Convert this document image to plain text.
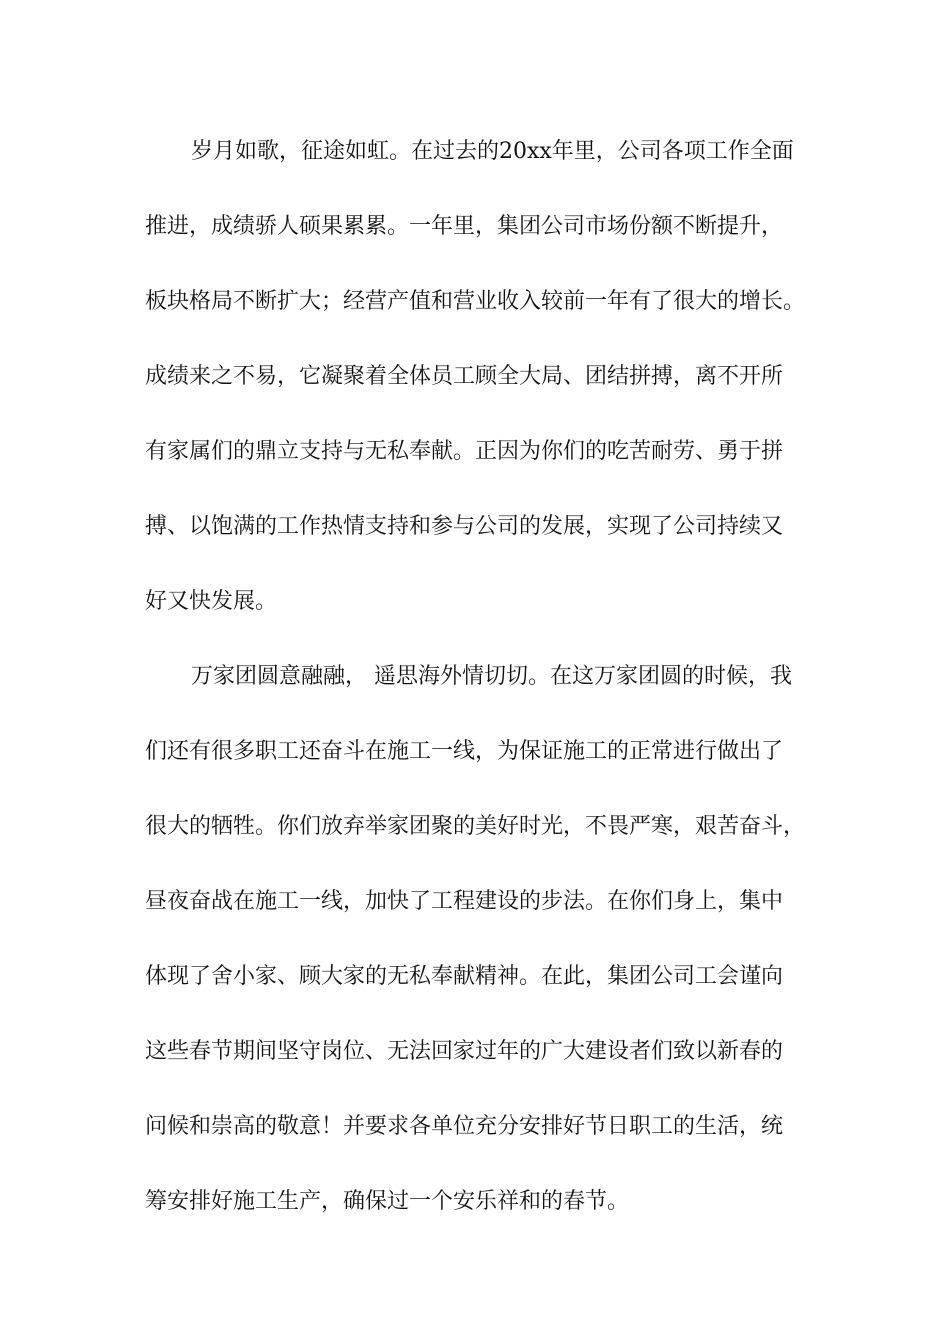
岁月如歌，征途如虹。在过去的20xx年里，公司各项工作全面
推进，成绩骄人硕果累累。一年里，集团公司市场份额不断提升，
板块格局不断扩大；经营产值和营业收入较前一年有了很大的增长。
成绩来之不易，它凝聚着全体员工顾全大局、团结拼搏，离不开所
有家属们的鼎立支持与无私奉献。正因为你们的吃苦耐劳、勇于拼
搏、以饱满的工作热情支持和参与公司的发展，实现了公司持续又
好又快发展。
万家团圆意融融， 遥思海外情切切。在这万家团圆的时候，我
们还有很多职工还奋斗在施工一线，为保证施工的正常进行做出了
很大的牺牲。你们放弃举家团聚的美好时光，不畏严寒，艰苦奋斗，
昼夜奋战在施工一线，加快了工程建设的步法。在你们身上，集中
体现了舍小家、顾大家的无私奉献精神。在此，集团公司工会谨向
这些春节期间坚守岗位、无法回家过年的广大建设者们致以新春的
问候和崇高的敬意！并要求各单位充分安排好节日职工的生活，统
筹安排好施工生产，确保过一个安乐祥和的春节。
